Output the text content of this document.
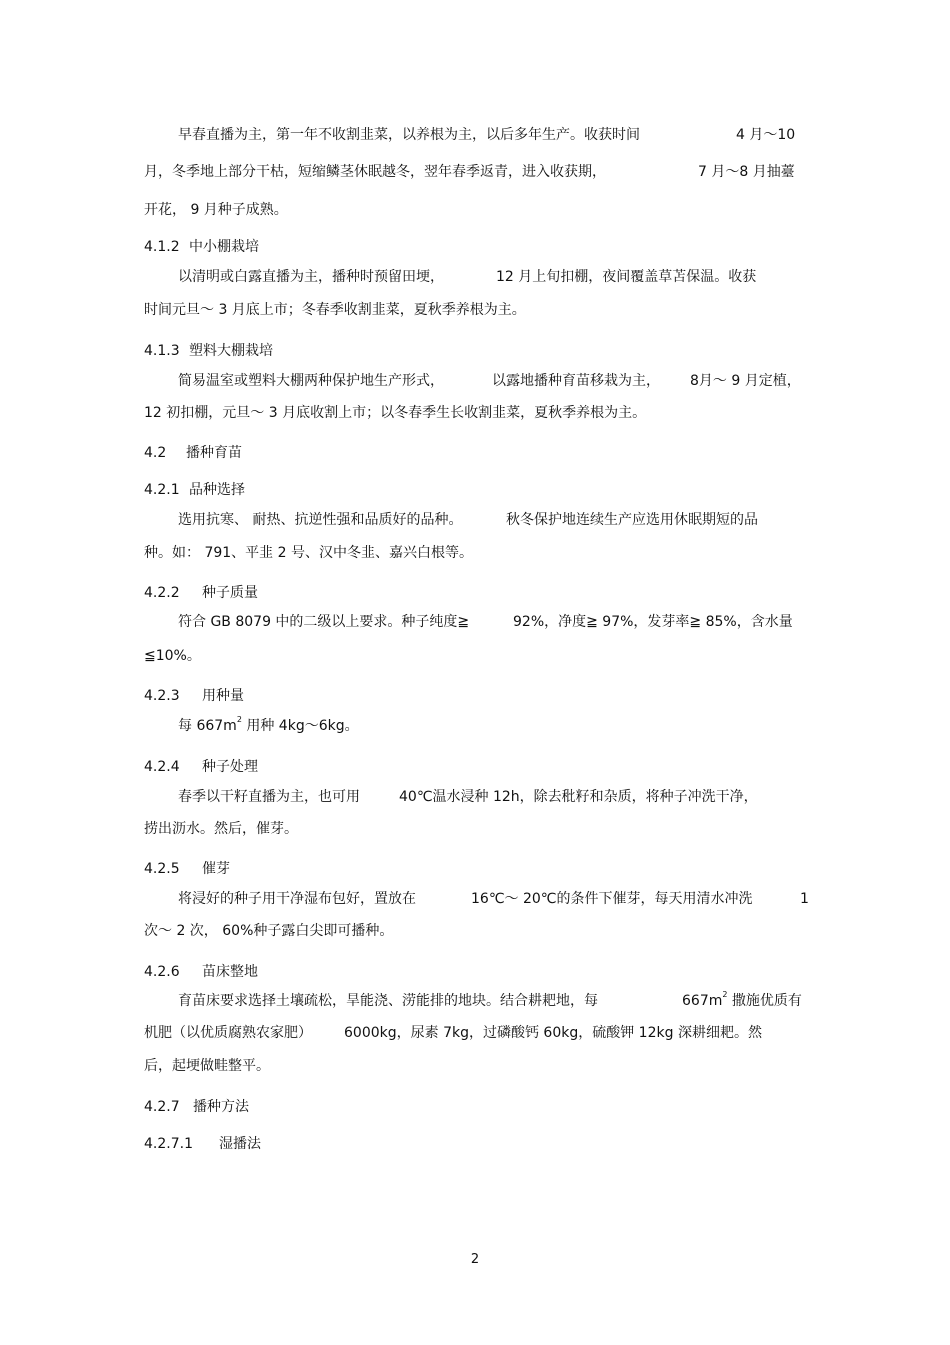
早春直播为主，第一年不收割韭菜，以养根为主，以后多年生产。收获时间	4 月～10
月，冬季地上部分干枯，短缩鳞茎休眠越冬，翌年春季返青，进入收获期，	7 月～8 月抽薹
开花， 9 月种子成熟。
4.1.2 中小棚栽培
以清明或白露直播为主，播种时预留田埂，	12 月上旬扣棚，夜间覆盖草苫保温。收获
时间元旦～ 3 月底上市；冬春季收割韭菜，夏秋季养根为主。
4.1.3 塑料大棚栽培
简易温室或塑料大棚两种保护地生产形式，	以露地播种育苗移栽为主， 8月～ 9 月定植，
12 初扣棚，元旦～ 3 月底收割上市；以冬春季生长收割韭菜，夏秋季养根为主。
4.2 播种育苗
4.2.1 品种选择
选用抗寒、 耐热、抗逆性强和品质好的品种。	秋冬保护地连续生产应选用休眠期短的品
种。如： 791、平韭 2 号、汉中冬韭、嘉兴白根等。
4.2.2 种子质量
符合 GB 8079 中的二级以上要求。种子纯度≧	92%，净度≧ 97%，发芽率≧ 85%，含水量
≦10%。
4.2.3 用种量
每 $667m^2$ 用种 4kg～6kg。
4.2.4 种子处理
春季以干籽直播为主，也可用	40℃温水浸种 12h，除去秕籽和杂质，将种子冲洗干净，
捞出沥水。然后，催芽。
4.2.5 催芽
将浸好的种子用干净湿布包好，置放在	16℃～ 20℃的条件下催芽，每天用清水冲洗	1
次～ 2 次， 60%种子露白尖即可播种。
4.2.6 苗床整地
育苗床要求选择土壤疏松，旱能浇、涝能排的地块。结合耕耙地，每	$667m^2$ 撒施优质有
机肥（以优质腐熟农家肥） 6000kg，尿素 7kg，过磷酸钙 60kg，硫酸钾 12kg 深耕细耙。然
后，起埂做畦整平。
4.2.7 播种方法
4.2.7.1 湿播法
2
